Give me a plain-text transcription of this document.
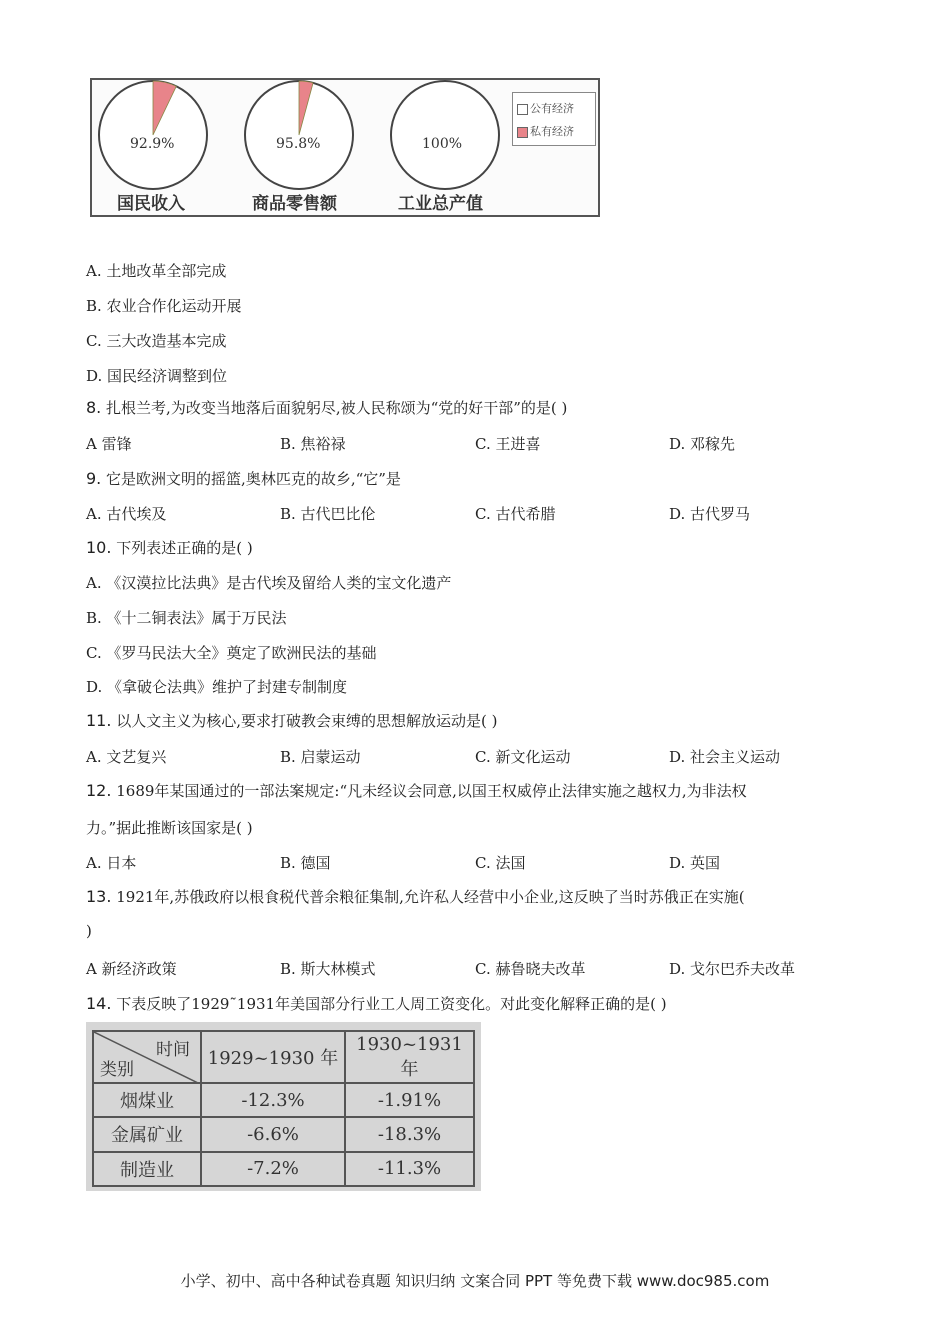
92.9%	95.8%	100%
国民收入	商品零售额	工业总产值
公有经济
私有经济
A. 土地改革全部完成
B. 农业合作化运动开展
C. 三大改造基本完成
D. 国民经济调整到位
8. 扎根兰考,为改变当地落后面貌躬尽,被人民称颂为“党的好干部”的是( )
A 雷锋	B. 焦裕禄	C. 王进喜	D. 邓稼先
9. 它是欧洲文明的摇篮,奥林匹克的故乡,“它”是
A. 古代埃及	B. 古代巴比伦	C. 古代希腊	D. 古代罗马
10. 下列表述正确的是( )
A. 《汉漠拉比法典》是古代埃及留给人类的宝文化遗产
B. 《十二铜表法》属于万民法
C. 《罗马民法大全》奠定了欧洲民法的基础
D. 《拿破仑法典》维护了封建专制制度
11. 以人文主义为核心,要求打破教会束缚的思想解放运动是( )
A. 文艺复兴	B. 启蒙运动	C. 新文化运动	D. 社会主义运动
12. 1689年某国通过的一部法案规定:“凡未经议会同意,以国王权威停止法律实施之越权力,为非法权
力。”据此推断该国家是( )
A. 日本	B. 德国	C. 法国	D. 英国
13. 1921年,苏俄政府以根食税代普余粮征集制,允许私人经营中小企业,这反映了当时苏俄正在实施(
)
A 新经济政策	B. 斯大林模式	C. 赫鲁晓夫改革	D. 戈尔巴乔夫改革
14. 下表反映了1929˜1931年美国部分行业工人周工资变化。对此变化解释正确的是( )
时间
类别	1929~1930 年	1930~1931 年
烟煤业	-12.3%	-1.91%
金属矿业	-6.6%	-18.3%
制造业	-7.2%	-11.3%
小学、初中、高中各种试卷真题 知识归纳 文案合同 PPT 等免费下载 www.doc985.com
